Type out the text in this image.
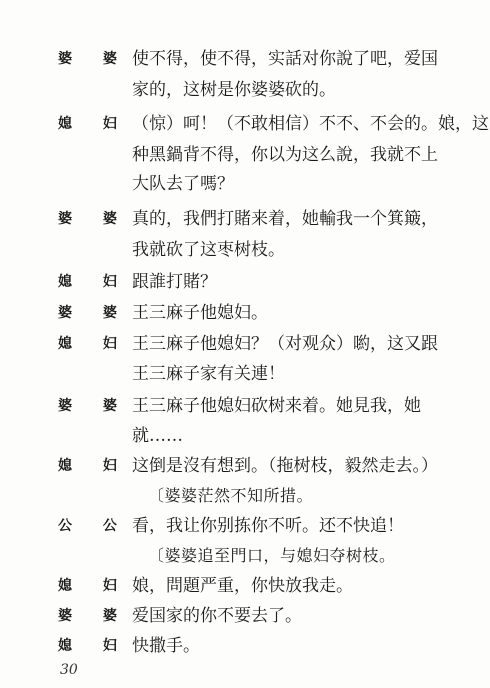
婆 婆 使不得，使不得，实話对你說了吧，爱国
家的，这树是你婆婆砍的。
媳 妇 （惊）呵！（不敢相信）不不、不会的。娘，这
种黑鍋背不得，你以为这么說，我就不上
大队去了嗎？
婆 婆 真的，我們打賭来着，她輸我一个箕簸，
我就砍了这枣树枝。
媳 妇 跟誰打賭？
婆 婆 王三麻子他媳妇。
媳 妇 王三麻子他媳妇？（对观众）喲，这又跟
王三麻子家有关連！
婆 婆 王三麻子他媳妇砍树来着。她見我，她
就……
媳 妇 这倒是沒有想到。（拖树枝，毅然走去。）
〔婆婆茫然不知所措。
公 公 看，我让你别拣你不听。还不快追！
〔婆婆追至門口，与媳妇夺树枝。
媳 妇 娘，問題严重，你快放我走。
30
婆 婆 爱国家的你不要去了。
媳 妇 快撒手。
